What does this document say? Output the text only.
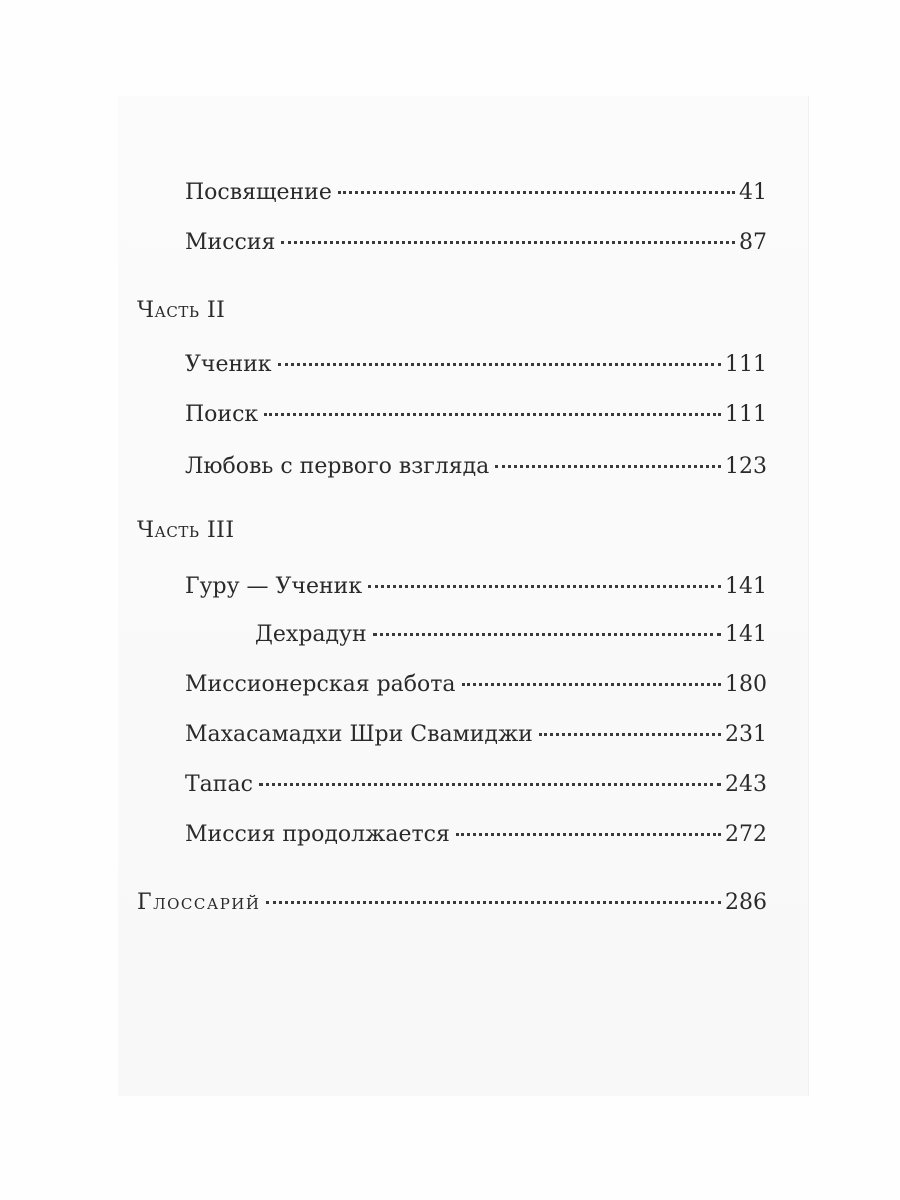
Посвящение	41
Миссия	87
Часть II
Ученик	111
Поиск	111
Любовь с первого взгляда	123
Часть III
Гуру — Ученик	141
Дехрадун	141
Миссионерская работа	180
Махасамадхи Шри Свамиджи	231
Тапас	243
Миссия продолжается	272
Глоссарий	286
